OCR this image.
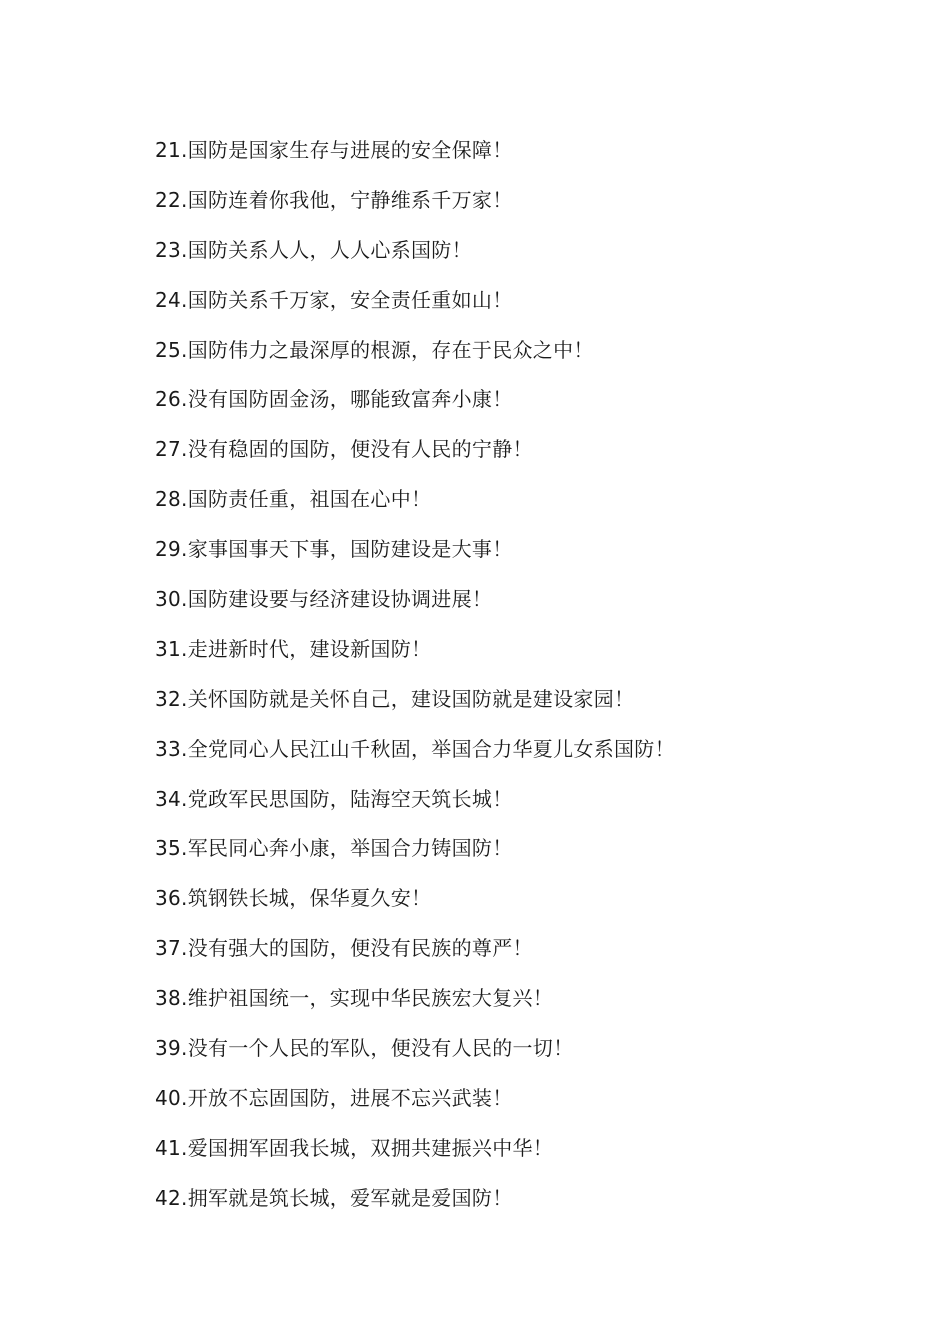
21.国防是国家生存与进展的安全保障！
22.国防连着你我他，宁静维系千万家！
23.国防关系人人，人人心系国防！
24.国防关系千万家，安全责任重如山！
25.国防伟力之最深厚的根源，存在于民众之中！
26.没有国防固金汤，哪能致富奔小康！
27.没有稳固的国防，便没有人民的宁静！
28.国防责任重，祖国在心中！
29.家事国事天下事，国防建设是大事！
30.国防建设要与经济建设协调进展！
31.走进新时代，建设新国防！
32.关怀国防就是关怀自己，建设国防就是建设家园！
33.全党同心人民江山千秋固，举国合力华夏儿女系国防！
34.党政军民思国防，陆海空天筑长城！
35.军民同心奔小康，举国合力铸国防！
36.筑钢铁长城，保华夏久安！
37.没有强大的国防，便没有民族的尊严！
38.维护祖国统一，实现中华民族宏大复兴！
39.没有一个人民的军队，便没有人民的一切！
40.开放不忘固国防，进展不忘兴武装！
41.爱国拥军固我长城，双拥共建振兴中华！
42.拥军就是筑长城，爱军就是爱国防！
